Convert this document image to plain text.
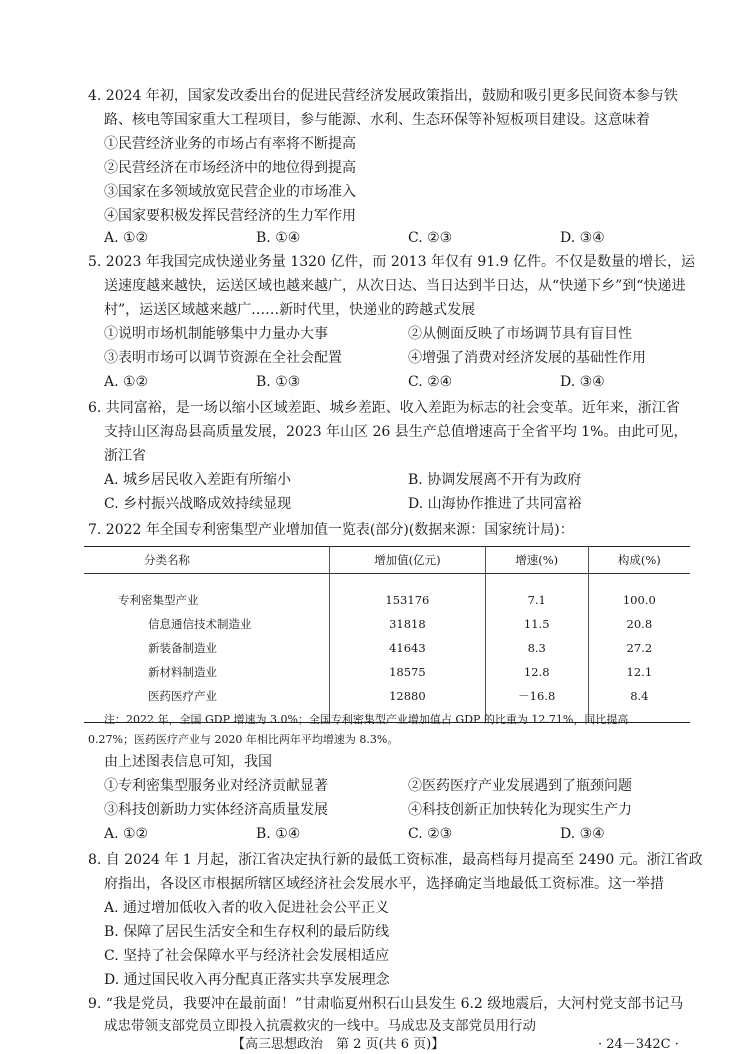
4. 2024 年初，国家发改委出台的促进民营经济发展政策指出，鼓励和吸引更多民间资本参与铁
路、核电等国家重大工程项目，参与能源、水利、生态环保等补短板项目建设。这意味着
①民营经济业务的市场占有率将不断提高
②民营经济在市场经济中的地位得到提高
③国家在多领域放宽民营企业的市场准入
④国家要积极发挥民营经济的生力军作用
A. ①②	B. ①④	C. ②③	D. ③④
5. 2023 年我国完成快递业务量 1320 亿件，而 2013 年仅有 91.9 亿件。不仅是数量的增长，运
送速度越来越快，运送区域也越来越广，从次日达、当日达到半日达，从“快递下乡”到“快递进
村”，运送区域越来越广……新时代里，快递业的跨越式发展
①说明市场机制能够集中力量办大事	②从侧面反映了市场调节具有盲目性
③表明市场可以调节资源在全社会配置	④增强了消费对经济发展的基础性作用
A. ①②	B. ①③	C. ②④	D. ③④
6. 共同富裕，是一场以缩小区域差距、城乡差距、收入差距为标志的社会变革。近年来，浙江省
支持山区海岛县高质量发展，2023 年山区 26 县生产总值增速高于全省平均 1%。由此可见，
浙江省
A. 城乡居民收入差距有所缩小	B. 协调发展离不开有为政府
C. 乡村振兴战略成效持续显现	D. 山海协作推进了共同富裕
7. 2022 年全国专利密集型产业增加值一览表(部分)(数据来源：国家统计局)：
分类名称	增加值(亿元)	增速(%)	构成(%)

专利密集型产业	153176	7.1	100.0
信息通信技术制造业	31818	11.5	20.8
新装备制造业	41643	8.3	27.2
新材料制造业	18575	12.8	12.1
医药医疗产业	12880	－16.8	8.4

注：2022 年，全国 GDP 增速为 3.0%；全国专利密集型产业增加值占 GDP 的比重为 12.71%，同比提高
0.27%；医药医疗产业与 2020 年相比两年平均增速为 8.3%。
由上述图表信息可知，我国
①专利密集型服务业对经济贡献显著	②医药医疗产业发展遇到了瓶颈问题
③科技创新助力实体经济高质量发展	④科技创新正加快转化为现实生产力
A. ①②	B. ①④	C. ②③	D. ③④
8. 自 2024 年 1 月起，浙江省决定执行新的最低工资标准，最高档每月提高至 2490 元。浙江省政
府指出，各设区市根据所辖区域经济社会发展水平，选择确定当地最低工资标准。这一举措
A. 通过增加低收入者的收入促进社会公平正义
B. 保障了居民生活安全和生存权利的最后防线
C. 坚持了社会保障水平与经济社会发展相适应
D. 通过国民收入再分配真正落实共享发展理念
9. “我是党员，我要冲在最前面！”甘肃临夏州积石山县发生 6.2 级地震后，大河村党支部书记马
成忠带领支部党员立即投入抗震救灾的一线中。马成忠及支部党员用行动
【高三思想政治　第 2 页(共 6 页)】	· 24－342C ·
